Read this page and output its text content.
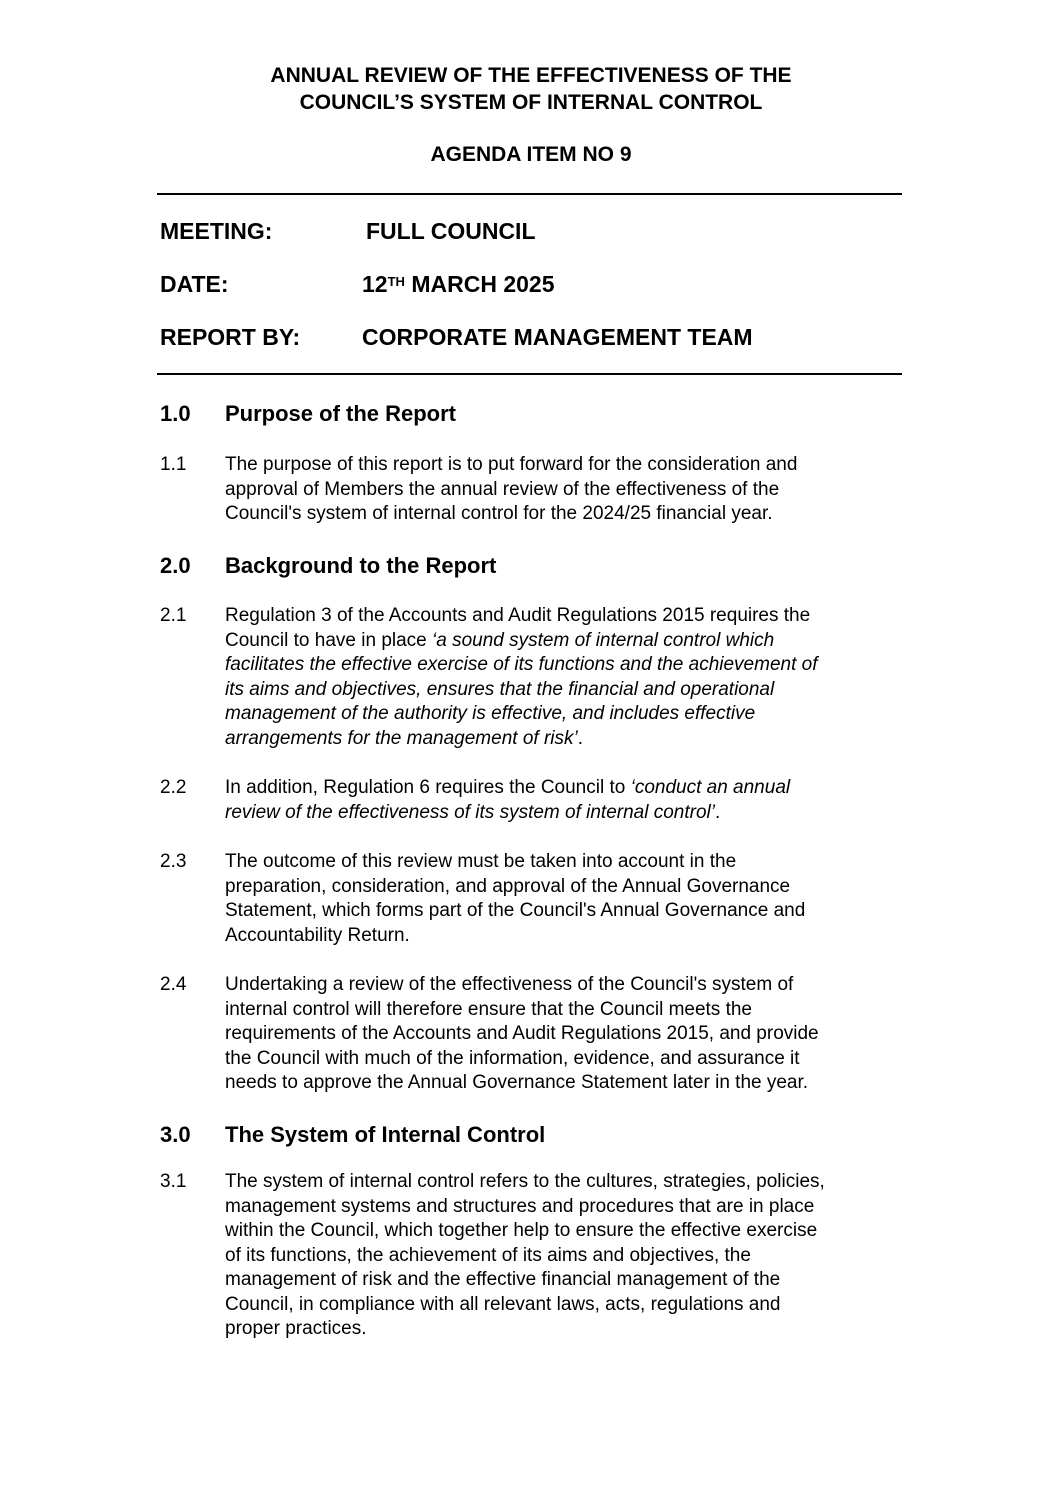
ANNUAL REVIEW OF THE EFFECTIVENESS OF THE
COUNCIL’S SYSTEM OF INTERNAL CONTROL
AGENDA ITEM NO 9
MEETING:	FULL COUNCIL
DATE:	12TH MARCH 2025
REPORT BY:	CORPORATE MANAGEMENT TEAM
1.0 Purpose of the Report
1.1 The purpose of this report is to put forward for the consideration and
approval of Members the annual review of the effectiveness of the
Council's system of internal control for the 2024/25 financial year.
2.0 Background to the Report
2.1 Regulation 3 of the Accounts and Audit Regulations 2015 requires the
Council to have in place ‘a sound system of internal control which
facilitates the effective exercise of its functions and the achievement of
its aims and objectives, ensures that the financial and operational
management of the authority is effective, and includes effective
arrangements for the management of risk’.
2.2 In addition, Regulation 6 requires the Council to ‘conduct an annual
review of the effectiveness of its system of internal control’.
2.3 The outcome of this review must be taken into account in the
preparation, consideration, and approval of the Annual Governance
Statement, which forms part of the Council's Annual Governance and
Accountability Return.
2.4 Undertaking a review of the effectiveness of the Council's system of
internal control will therefore ensure that the Council meets the
requirements of the Accounts and Audit Regulations 2015, and provide
the Council with much of the information, evidence, and assurance it
needs to approve the Annual Governance Statement later in the year.
3.0 The System of Internal Control
3.1 The system of internal control refers to the cultures, strategies, policies,
management systems and structures and procedures that are in place
within the Council, which together help to ensure the effective exercise
of its functions, the achievement of its aims and objectives, the
management of risk and the effective financial management of the
Council, in compliance with all relevant laws, acts, regulations and
proper practices.
